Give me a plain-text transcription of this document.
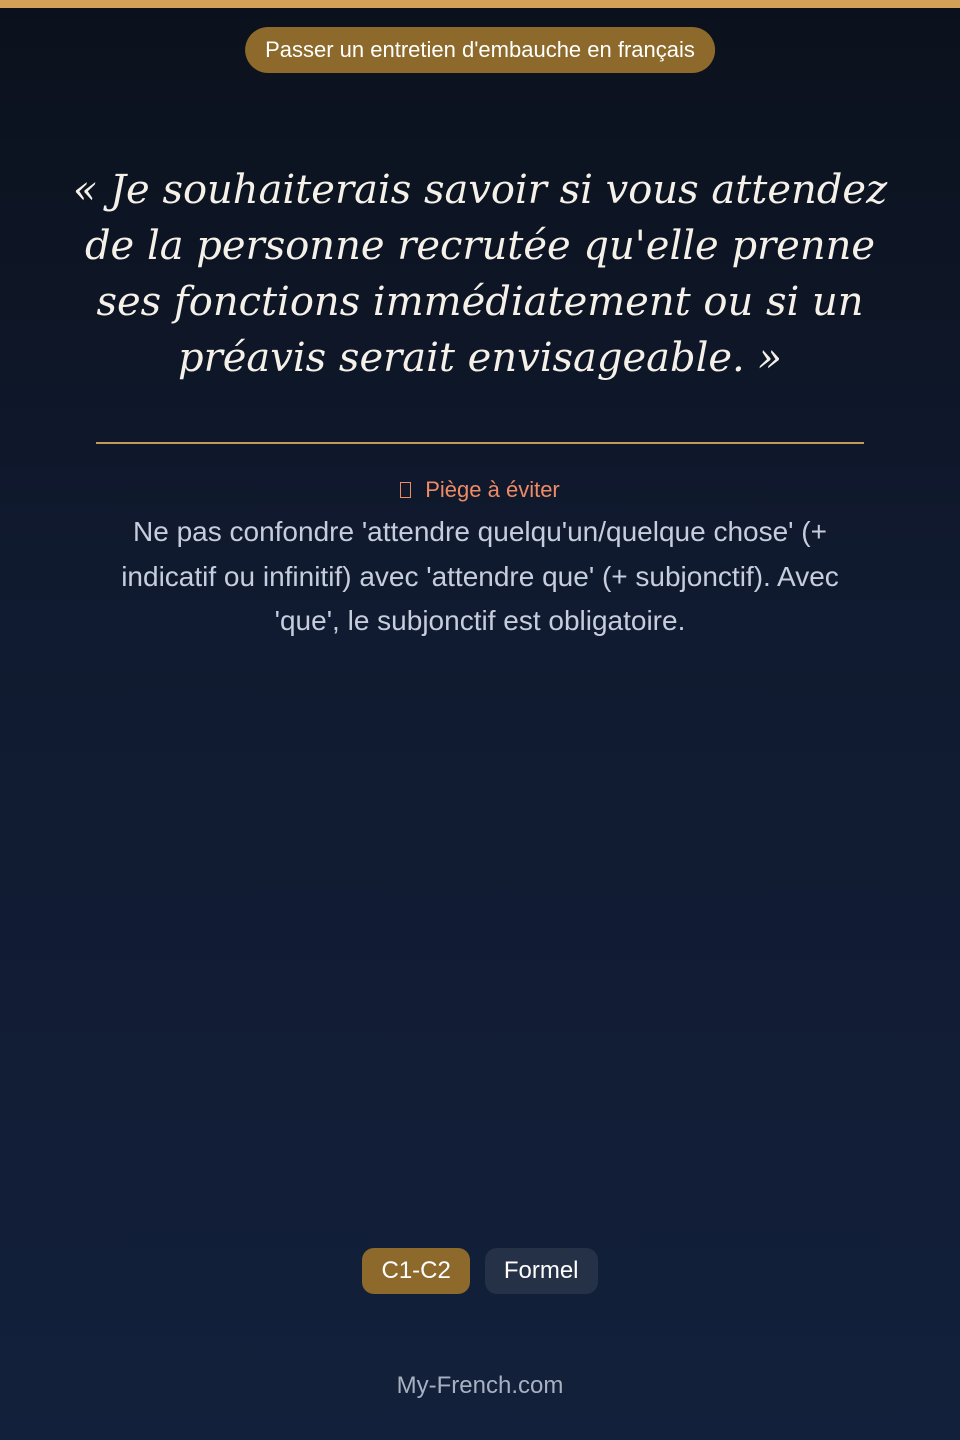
Passer un entretien d'embauche en français

« Je souhaiterais savoir si vous attendez de la personne recrutée qu'elle prenne ses fonctions immédiatement ou si un préavis serait envisageable. »

Piège à éviter

Ne pas confondre 'attendre quelqu'un/quelque chose' (+ indicatif ou infinitif) avec 'attendre que' (+ subjonctif). Avec 'que', le subjonctif est obligatoire.

C1-C2	Formel
My-French.com
